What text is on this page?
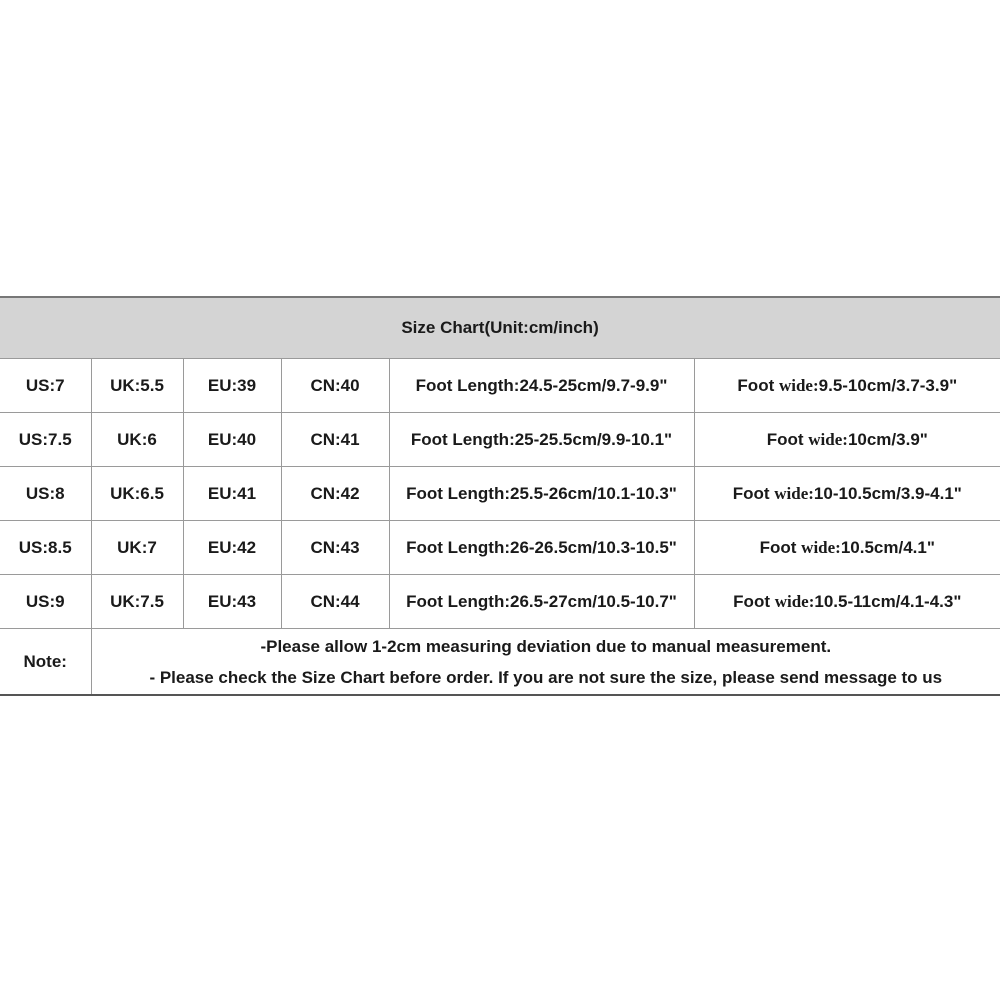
Size Chart(Unit:cm/inch)					
US:7	UK:5.5	EU:39	CN:40	Foot Length:24.5-25cm/9.7-9.9"	Foot wide:9.5-10cm/3.7-3.9"
US:7.5	UK:6	EU:40	CN:41	Foot Length:25-25.5cm/9.9-10.1"	Foot wide:10cm/3.9"
US:8	UK:6.5	EU:41	CN:42	Foot Length:25.5-26cm/10.1-10.3"	Foot wide:10-10.5cm/3.9-4.1"
US:8.5	UK:7	EU:42	CN:43	Foot Length:26-26.5cm/10.3-10.5"	Foot wide:10.5cm/4.1"
US:9	UK:7.5	EU:43	CN:44	Foot Length:26.5-27cm/10.5-10.7"	Foot wide:10.5-11cm/4.1-4.3"
Note:	-Please allow 1-2cm measuring deviation due to manual measurement.
- Please check the Size Chart before order. If you are not sure the size, please send message to us				
